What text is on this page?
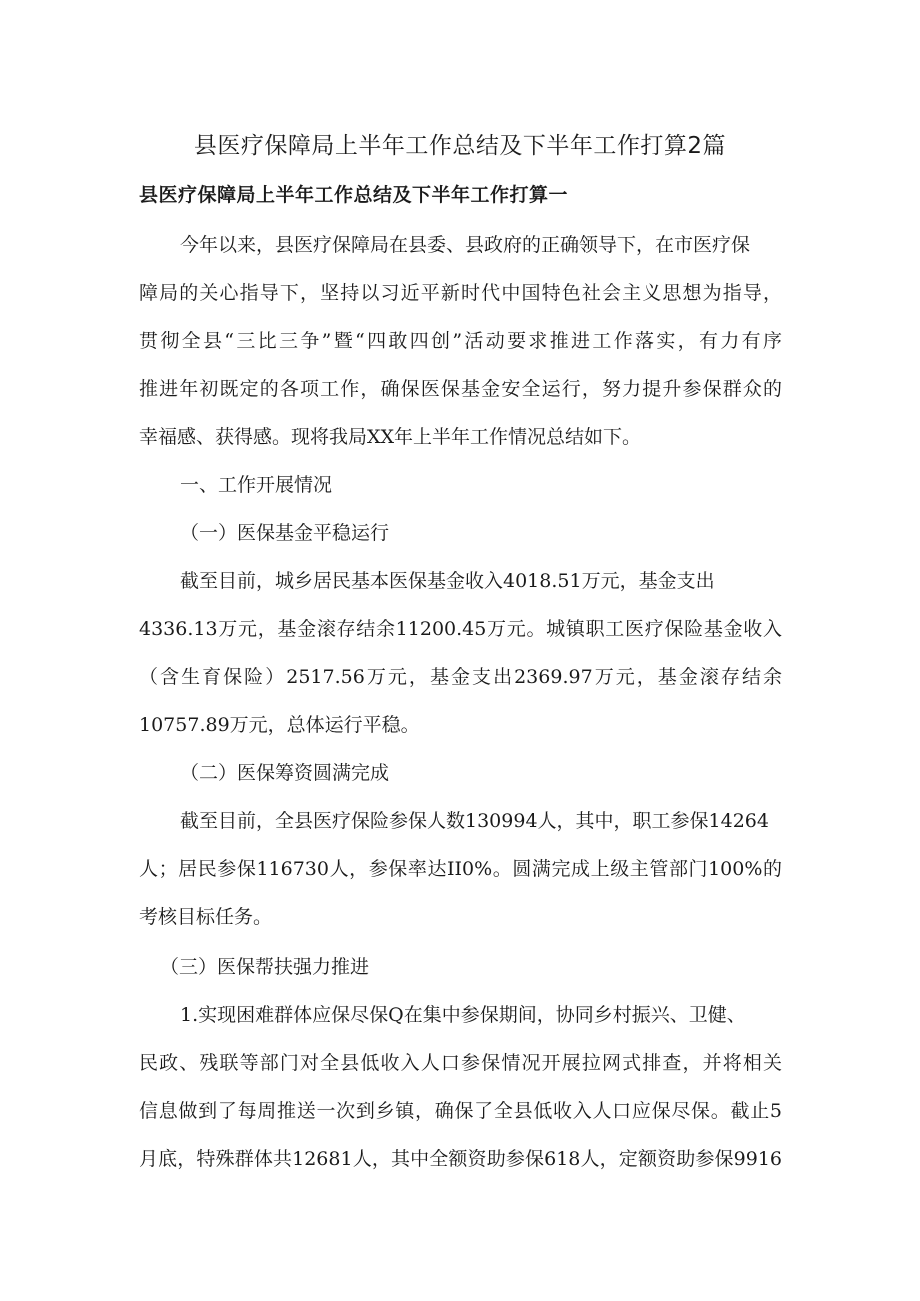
县医疗保障局上半年工作总结及下半年工作打算2篇
县医疗保障局上半年工作总结及下半年工作打算一
今年以来，县医疗保障局在县委、县政府的正确领导下，在市医疗保
障局的关心指导下，坚持以习近平新时代中国特色社会主义思想为指导，
贯彻全县“三比三争”暨“四敢四创”活动要求推进工作落实，有力有序
推进年初既定的各项工作，确保医保基金安全运行，努力提升参保群众的
幸福感、获得感。现将我局XX年上半年工作情况总结如下。
一、工作开展情况
（一）医保基金平稳运行
截至目前，城乡居民基本医保基金收入4018.51万元，基金支出
4336.13万元，基金滚存结余11200.45万元。城镇职工医疗保险基金收入
（含生育保险）2517.56万元，基金支出2369.97万元，基金滚存结余
10757.89万元，总体运行平稳。
（二）医保筹资圆满完成
截至目前，全县医疗保险参保人数130994人，其中，职工参保14264
人；居民参保116730人，参保率达II0%。圆满完成上级主管部门100%的
考核目标任务。
（三）医保帮扶强力推进
1.实现困难群体应保尽保Q在集中参保期间，协同乡村振兴、卫健、
民政、残联等部门对全县低收入人口参保情况开展拉网式排查，并将相关
信息做到了每周推送一次到乡镇，确保了全县低收入人口应保尽保。截止5
月底，特殊群体共12681人，其中全额资助参保618人，定额资助参保9916
